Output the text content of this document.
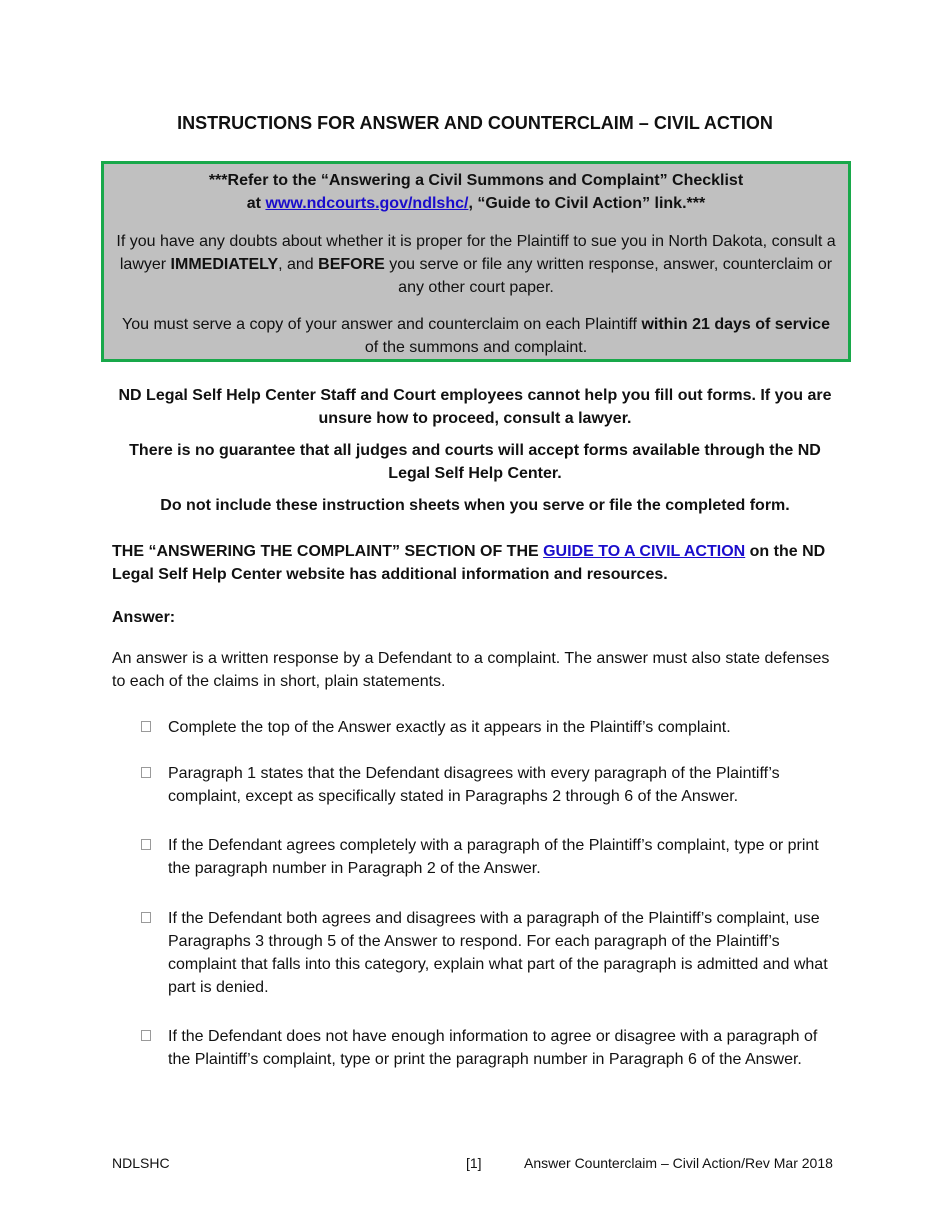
INSTRUCTIONS FOR ANSWER AND COUNTERCLAIM – CIVIL ACTION

***Refer to the “Answering a Civil Summons and Complaint” Checklist
at www.ndcourts.gov/ndlshc/, “Guide to Civil Action” link.***

If you have any doubts about whether it is proper for the Plaintiff to sue you in North Dakota, consult a lawyer IMMEDIATELY, and BEFORE you serve or file any written response, answer, counterclaim or any other court paper.

You must serve a copy of your answer and counterclaim on each Plaintiff within 21 days of service of the summons and complaint.

ND Legal Self Help Center Staff and Court employees cannot help you fill out forms. If you are unsure how to proceed, consult a lawyer.

There is no guarantee that all judges and courts will accept forms available through the ND Legal Self Help Center.

Do not include these instruction sheets when you serve or file the completed form.

THE “ANSWERING THE COMPLAINT” SECTION OF THE GUIDE TO A CIVIL ACTION on the ND Legal Self Help Center website has additional information and resources.

Answer:

An answer is a written response by a Defendant to a complaint. The answer must also state defenses to each of the claims in short, plain statements.

Complete the top of the Answer exactly as it appears in the Plaintiff’s complaint.

Paragraph 1 states that the Defendant disagrees with every paragraph of the Plaintiff’s complaint, except as specifically stated in Paragraphs 2 through 6 of the Answer.

If the Defendant agrees completely with a paragraph of the Plaintiff’s complaint, type or print the paragraph number in Paragraph 2 of the Answer.

If the Defendant both agrees and disagrees with a paragraph of the Plaintiff’s complaint, use Paragraphs 3 through 5 of the Answer to respond. For each paragraph of the Plaintiff’s complaint that falls into this category, explain what part of the paragraph is admitted and what part is denied.

If the Defendant does not have enough information to agree or disagree with a paragraph of the Plaintiff’s complaint, type or print the paragraph number in Paragraph 6 of the Answer.

NDLSHC	[1]	Answer Counterclaim – Civil Action/Rev Mar 2018
